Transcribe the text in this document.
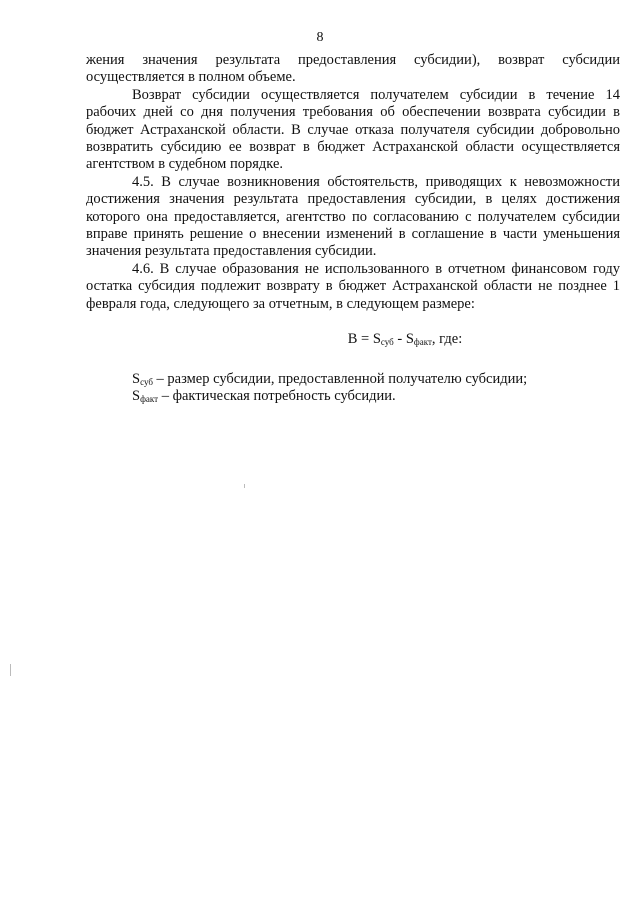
8

жения значения результата предоставления субсидии), возврат субсидии осуществляется в полном объеме.

Возврат субсидии осуществляется получателем субсидии в течение 14 рабочих дней со дня получения требования об обеспечении возврата субсидии в бюджет Астраханской области. В случае отказа получателя субсидии добровольно возвратить субсидию ее возврат в бюджет Астраханской области осуществляется агентством в судебном порядке.

4.5. В случае возникновения обстоятельств, приводящих к невозможности достижения значения результата предоставления субсидии, в целях достижения которого она предоставляется, агентство по согласованию с получателем субсидии вправе принять решение о внесении изменений в соглашение в части уменьшения значения результата предоставления субсидии.

4.6. В случае образования не использованного в отчетном финансовом году остатка субсидия подлежит возврату в бюджет Астраханской области не позднее 1 февраля года, следующего за отчетным, в следующем размере:

$В = S_{суб} - S_{факт}$, где:

$S_{суб}$ – размер субсидии, предоставленной получателю субсидии;

$S_{факт}$ – фактическая потребность субсидии.
